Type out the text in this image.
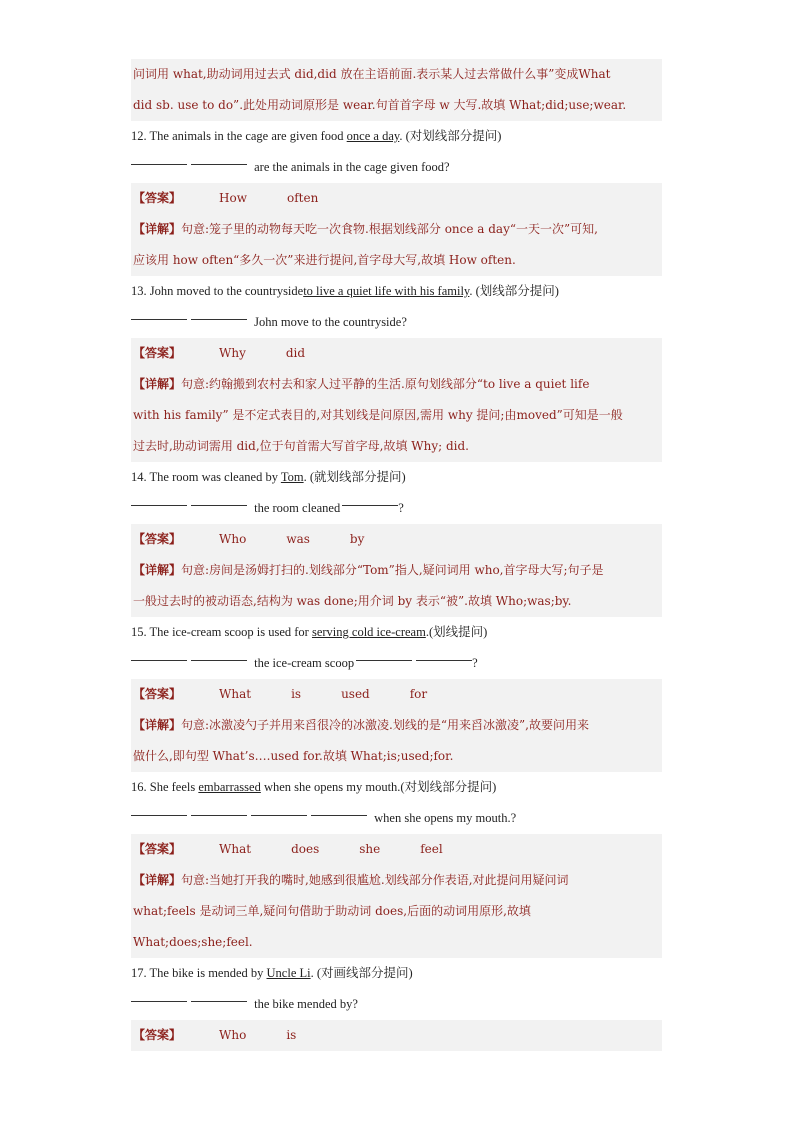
问词用 what,助动词用过去式 did,did 放在主语前面.表示某人过去常做什么事”变成What
did sb. use to do”.此处用动词原形是 wear.句首首字母 w 大写.故填 What;did;use;wear.
12. The animals in the cage are given food once a day. (对划线部分提问)
are the animals in the cage given food?
【答案】	How	often
【详解】句意:笼子里的动物每天吃一次食物.根据划线部分 once a day“一天一次”可知,
应该用 how often“多久一次”来进行提问,首字母大写,故填 How often.
13. John moved to the countrysideto live a quiet life with his family. (划线部分提问)
John move to the countryside?
【答案】	Why	did
【详解】句意:约翰搬到农村去和家人过平静的生活.原句划线部分“to live a quiet life
with his family” 是不定式表目的,对其划线是问原因,需用 why 提问;由moved”可知是一般
过去时,助动词需用 did,位于句首需大写首字母,故填 Why; did.
14. The room was cleaned by Tom. (就划线部分提问)
the room cleaned	?
【答案】	Who	was	by
【详解】句意:房间是汤姆打扫的.划线部分“Tom”指人,疑问词用 who,首字母大写;句子是
一般过去时的被动语态,结构为 was done;用介词 by 表示“被”.故填 Who;was;by.
15. The ice-cream scoop is used for serving cold ice-cream.(划线提问)
the ice-cream scoop	?
【答案】	What	is	used	for
【详解】句意:冰激凌勺子并用来舀很冷的冰激凌.划线的是“用来舀冰激凌”,故要问用来
做什么,即句型 What’s….used for.故填 What;is;used;for.
16. She feels embarrassed when she opens my mouth.(对划线部分提问)
when she opens my mouth.?
【答案】	What	does	she	feel
【详解】句意:当她打开我的嘴时,她感到很尴尬.划线部分作表语,对此提问用疑问词
what;feels 是动词三单,疑问句借助于助动词 does,后面的动词用原形,故填
What;does;she;feel.
17. The bike is mended by Uncle Li. (对画线部分提问)
the bike mended by?
【答案】	Who	is
